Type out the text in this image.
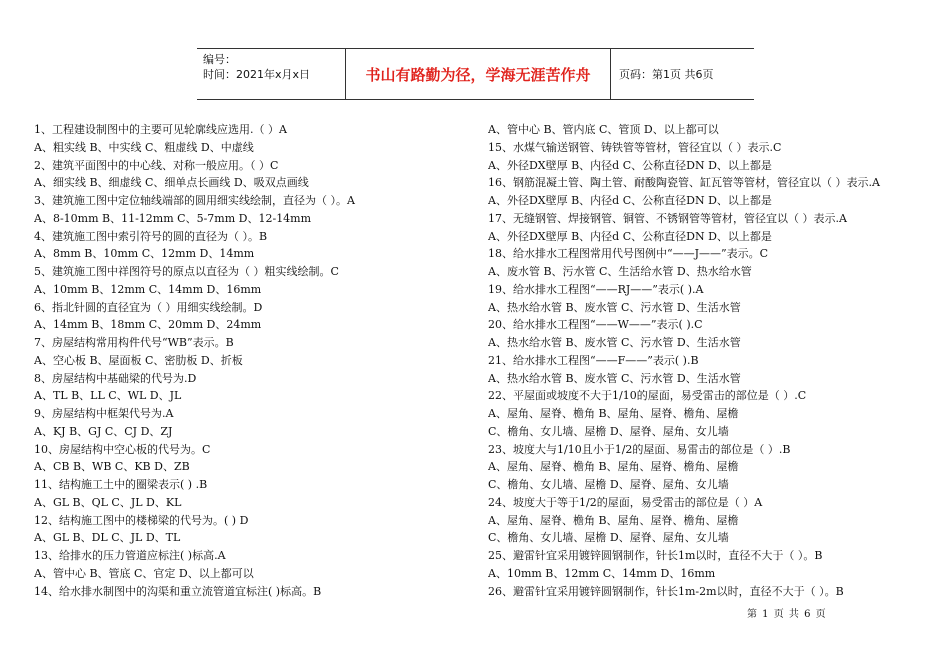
编号：
时间：2021年x月x日	书山有路勤为径，学海无涯苦作舟	页码：第1页 共6页
1、工程建设制图中的主要可见轮廓线应选用.（ ）A
A、粗实线 B、中实线 C、粗虚线 D、中虚线
2、建筑平面图中的中心线、对称一般应用。（ ）C
A、细实线 B、细虚线 C、细单点长画线 D、吸双点画线
3、建筑施工图中定位轴线端部的圆用细实线绘制，直径为（ ）。A
A、8-10mm B、11-12mm C、5-7mm D、12-14mm
4、建筑施工图中索引符号的圆的直径为（ ）。B
A、8mm B、10mm C、12mm D、14mm
5、建筑施工图中祥图符号的原点以直径为（ ）粗实线绘制。C
A、10mm B、12mm C、14mm D、16mm
6、指北针圆的直径宜为（ ）用细实线绘制。D
A、14mm B、18mm C、20mm D、24mm
7、房屋结构常用构件代号“WB”表示。B
A、空心板 B、屋面板 C、密肋板 D、折板
8、房屋结构中基础梁的代号为.D
A、TL B、LL C、WL D、JL
9、房屋结构中框架代号为.A
A、KJ B、GJ C、CJ D、ZJ
10、房屋结构中空心板的代号为。C
A、CB B、WB C、KB D、ZB
11、结构施工土中的圈梁表示( ) .B
A、GL B、QL C、JL D、KL
12、结构施工图中的楼梯梁的代号为。( ) D
A、GL B、DL C、JL D、TL
13、给排水的压力管道应标注( )标高.A
A、管中心 B、管底 C、官定 D、以上都可以
14、给水排水制图中的沟渠和重立流管道宜标注( )标高。B
A、管中心 B、管内底 C、管顶 D、以上都可以
15、水煤气输送钢管、铸铁管等管材，管径宜以（ ）表示.C
A、外径DX壁厚 B、内径d C、公称直径DN D、以上都是
16、钢筋混凝土管、陶土管、耐酸陶瓷管、缸瓦管等管材，管径宜以（ ）表示.A
A、外径DX壁厚 B、内径d C、公称直径DN D、以上都是
17、无缝钢管、焊接钢管、铜管、不锈钢管等管材，管径宜以（ ）表示.A
A、外径DX壁厚 B、内径d C、公称直径DN D、以上都是
18、给水排水工程图常用代号图例中“——J——”表示。C
A、废水管 B、污水管 C、生活给水管 D、热水给水管
19、给水排水工程图“——RJ——”表示( ).A
A、热水给水管 B、废水管 C、污水管 D、生活水管
20、给水排水工程图“——W——”表示( ).C
A、热水给水管 B、废水管 C、污水管 D、生活水管
21、给水排水工程图“——F——”表示( ).B
A、热水给水管 B、废水管 C、污水管 D、生活水管
22、平屋面或坡度不大于1/10的屋面，易受雷击的部位是（ ）.C
A、屋角、屋脊、檐角 B、屋角、屋脊、檐角、屋檐
C、檐角、女儿墙、屋檐 D、屋脊、屋角、女儿墙
23、坡度大与1/10且小于1/2的屋面、易雷击的部位是（ ）.B
A、屋角、屋脊、檐角 B、屋角、屋脊、檐角、屋檐
C、檐角、女儿墙、屋檐 D、屋脊、屋角、女儿墙
24、坡度大于等于1/2的屋面，易受雷击的部位是（ ）A
A、屋角、屋脊、檐角 B、屋角、屋脊、檐角、屋檐
C、檐角、女儿墙、屋檐 D、屋脊、屋角、女儿墙
25、避雷针宜采用镀锌圆钢制作，针长1m以时，直径不大于（ ）。B
A、10mm B、12mm C、14mm D、16mm
26、避雷针宜采用镀锌圆钢制作，针长1m-2m以时，直径不大于（ ）。B
第 1 页 共 6 页
